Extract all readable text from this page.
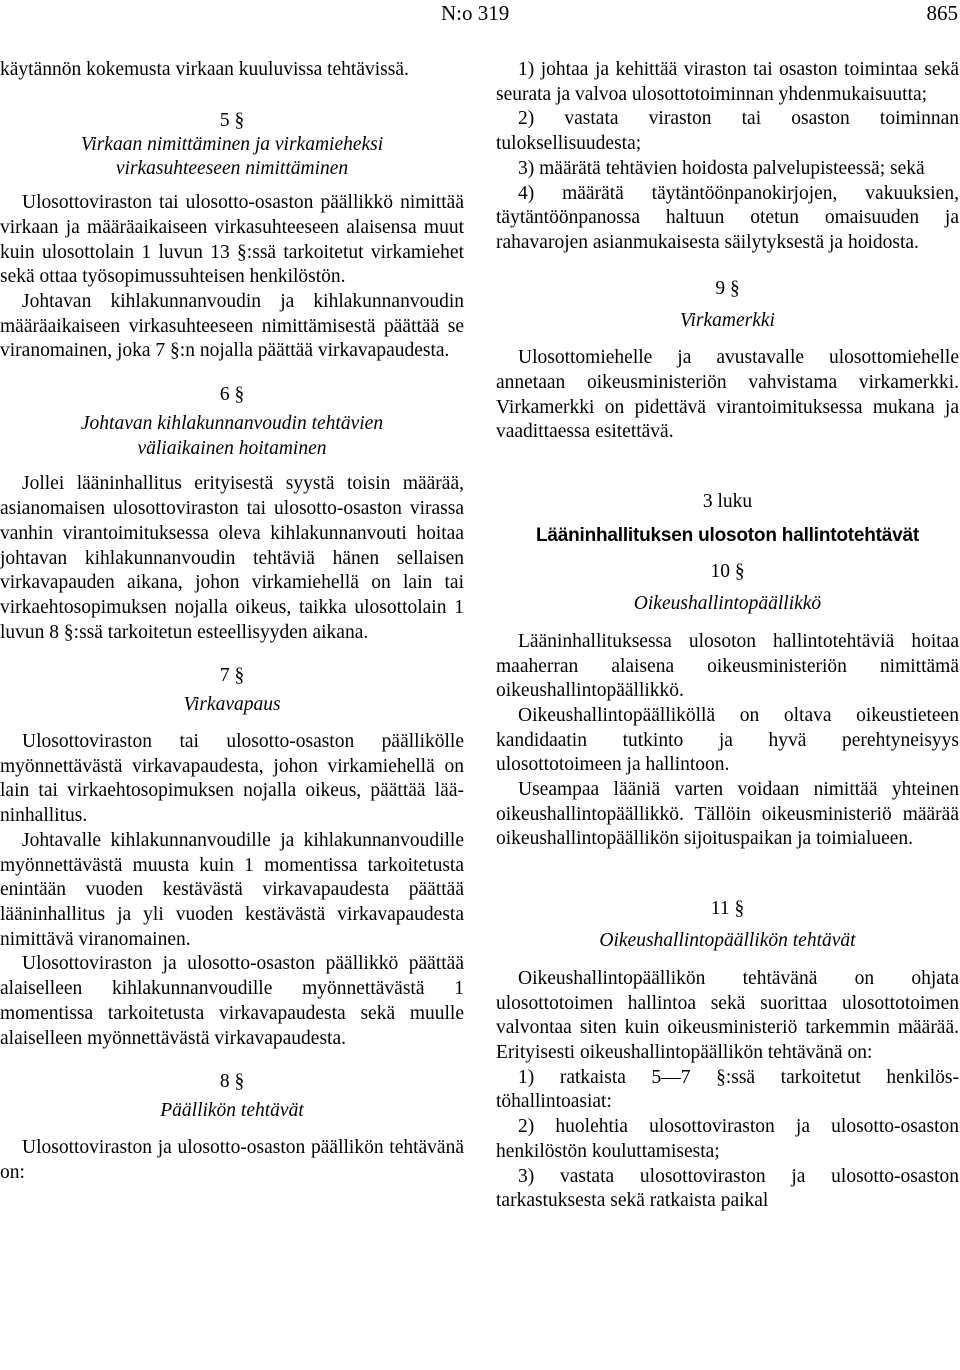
N:o 319	865

käytännön kokemusta virkaan kuuluvissa tehtävissä.

5 §
Virkaan nimittäminen ja virkamieheksi
virkasuhteeseen nimittäminen

Ulosottoviraston tai ulosotto-osaston päällikkö nimittää virkaan ja määräaikaiseen virkasuhteeseen alaisensa muut kuin ulosottolain 1 luvun 13 §:ssä tarkoitetut virkamiehet sekä ottaa työsopimussuhteisen henkilöstön.

Johtavan kihlakunnanvoudin ja kihlakunnanvoudin määräaikaiseen virkasuhteeseen nimittämisestä päättää se viranomainen, joka 7 §:n nojalla päättää virkavapaudesta.

6 §
Johtavan kihlakunnanvoudin tehtävien
väliaikainen hoitaminen

Jollei lääninhallitus erityisestä syystä toisin määrää, asianomaisen ulosottoviraston tai ulosotto-osaston virassa vanhin virantoimituksessa oleva kihlakunnanvouti hoitaa johtavan kihlakunnanvoudin tehtäviä hänen sellaisen virkavapauden aikana, johon virkamiehellä on lain tai virkaehtosopimuksen nojalla oikeus, taikka ulosottolain 1 luvun 8 §:ssä tarkoitetun esteellisyyden aikana.

7 §
Virkavapaus

Ulosottoviraston tai ulosotto-osaston päällikölle myönnettävästä virkavapaudesta, johon virkamiehellä on lain tai virkaehtosopimuksen nojalla oikeus, päättää lääninhallitus.

Johtavalle kihlakunnanvoudille ja kihlakunnanvoudille myönnettävästä muusta kuin 1 momentissa tarkoitetusta enintään vuoden kestävästä virkavapaudesta päättää lääninhallitus ja yli vuoden kestävästä virkavapaudesta nimittävä viranomainen.

Ulosottoviraston ja ulosotto-osaston päällikkö päättää alaiselleen kihlakunnanvoudille myönnettävästä 1 momentissa tarkoitetusta virkavapaudesta sekä muulle alaiselleen myönnettävästä virkavapaudesta.

8 §
Päällikön tehtävät

Ulosottoviraston ja ulosotto-osaston päällikön tehtävänä on:

1) johtaa ja kehittää viraston tai osaston toimintaa sekä seurata ja valvoa ulosottotoiminnan yhdenmukaisuutta;
2) vastata viraston tai osaston toiminnan tuloksellisuudesta;
3) määrätä tehtävien hoidosta palvelupisteessä; sekä
4) määrätä täytäntöönpanokirjojen, vakuuksien, täytäntöönpanossa haltuun otetun omaisuuden ja rahavarojen asianmukaisesta säilytyksestä ja hoidosta.
9 §
Virkamerkki

Ulosottomiehelle ja avustavalle ulosottomiehelle annetaan oikeusministeriön vahvistama virkamerkki. Virkamerkki on pidettävä virantoimituksessa mukana ja vaadittaessa esitettävä.

3 luku
Lääninhallituksen ulosoton hallintotehtävät
10 §
Oikeushallintopäällikkö

Lääninhallituksessa ulosoton hallintotehtäviä hoitaa maaherran alaisena oikeusministeriön nimittämä oikeushallintopäällikkö.

Oikeushallintopäälliköllä on oltava oikeustieteen kandidaatin tutkinto ja hyvä perehtyneisyys ulosottotoimeen ja hallintoon.

Useampaa lääniä varten voidaan nimittää yhteinen oikeushallintopäällikkö. Tällöin oikeusministeriö määrää oikeushallintopäällikön sijoituspaikan ja toimialueen.

11 §
Oikeushallintopäällikön tehtävät

Oikeushallintopäällikön tehtävänä on ohjata ulosottotoimen hallintoa sekä suorittaa ulosottotoimen valvontaa siten kuin oikeusministeriö tarkemmin määrää. Erityisesti oikeushallintopäällikön tehtävänä on:

1) ratkaista 5—7 §:ssä tarkoitetut henkilöstöhallintoasiat:
2) huolehtia ulosottoviraston ja ulosotto-osaston henkilöstön kouluttamisesta;
3) vastata ulosottoviraston ja ulosotto-osaston tarkastuksesta sekä ratkaista paikal
